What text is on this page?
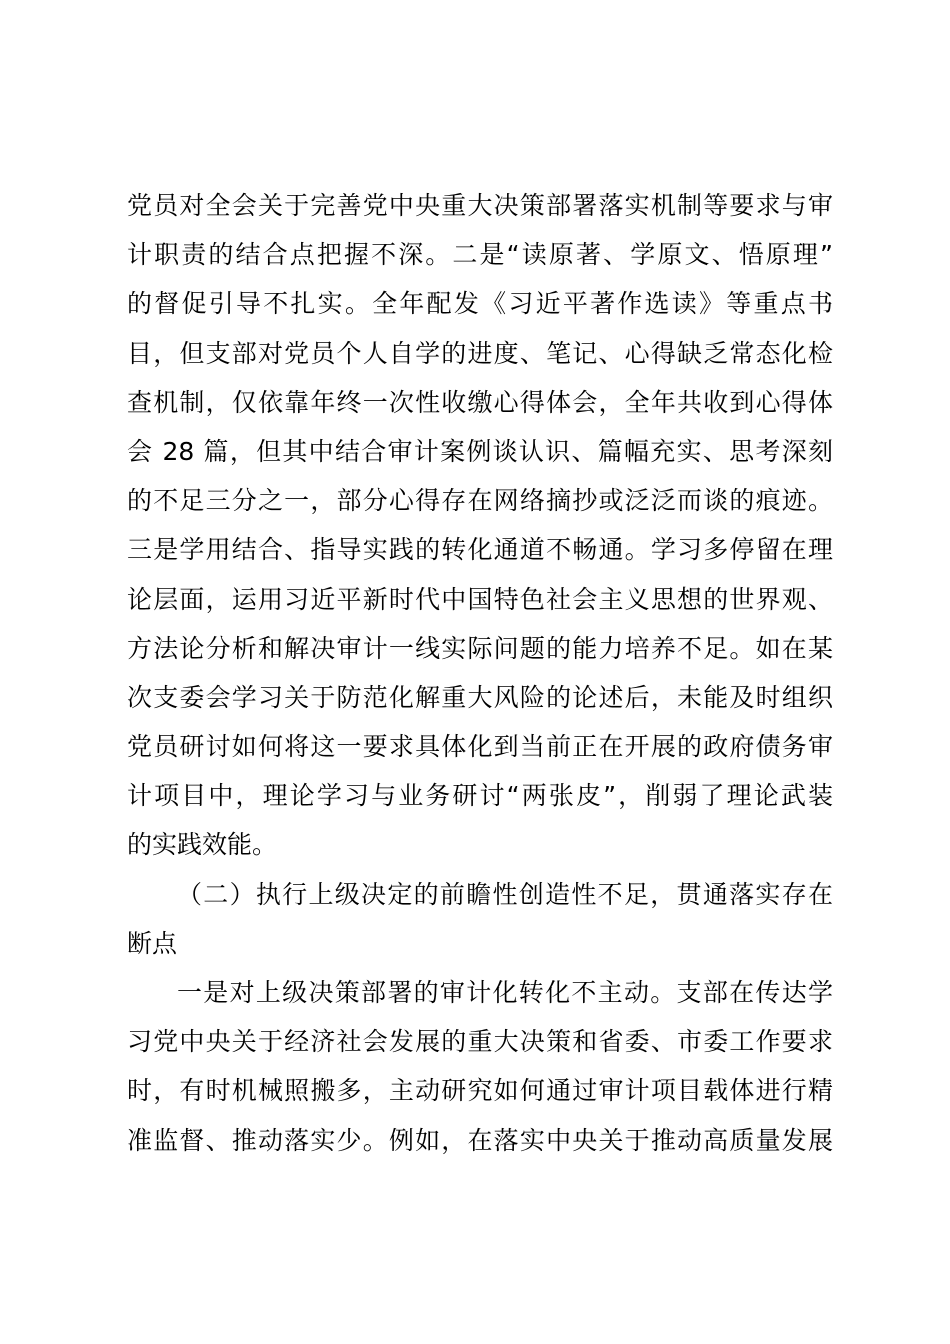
党员对全会关于完善党中央重大决策部署落实机制等要求与审
计职责的结合点把握不深。二是“读原著、学原文、悟原理”
的督促引导不扎实。全年配发《习近平著作选读》等重点书
目，但支部对党员个人自学的进度、笔记、心得缺乏常态化检
查机制，仅依靠年终一次性收缴心得体会，全年共收到心得体
会 28 篇，但其中结合审计案例谈认识、篇幅充实、思考深刻
的不足三分之一，部分心得存在网络摘抄或泛泛而谈的痕迹。
三是学用结合、指导实践的转化通道不畅通。学习多停留在理
论层面，运用习近平新时代中国特色社会主义思想的世界观、
方法论分析和解决审计一线实际问题的能力培养不足。如在某
次支委会学习关于防范化解重大风险的论述后，未能及时组织
党员研讨如何将这一要求具体化到当前正在开展的政府债务审
计项目中，理论学习与业务研讨“两张皮”，削弱了理论武装
的实践效能。
（二）执行上级决定的前瞻性创造性不足，贯通落实存在
断点
一是对上级决策部署的审计化转化不主动。支部在传达学
习党中央关于经济社会发展的重大决策和省委、市委工作要求
时，有时机械照搬多，主动研究如何通过审计项目载体进行精
准监督、推动落实少。例如，在落实中央关于推动高质量发展
